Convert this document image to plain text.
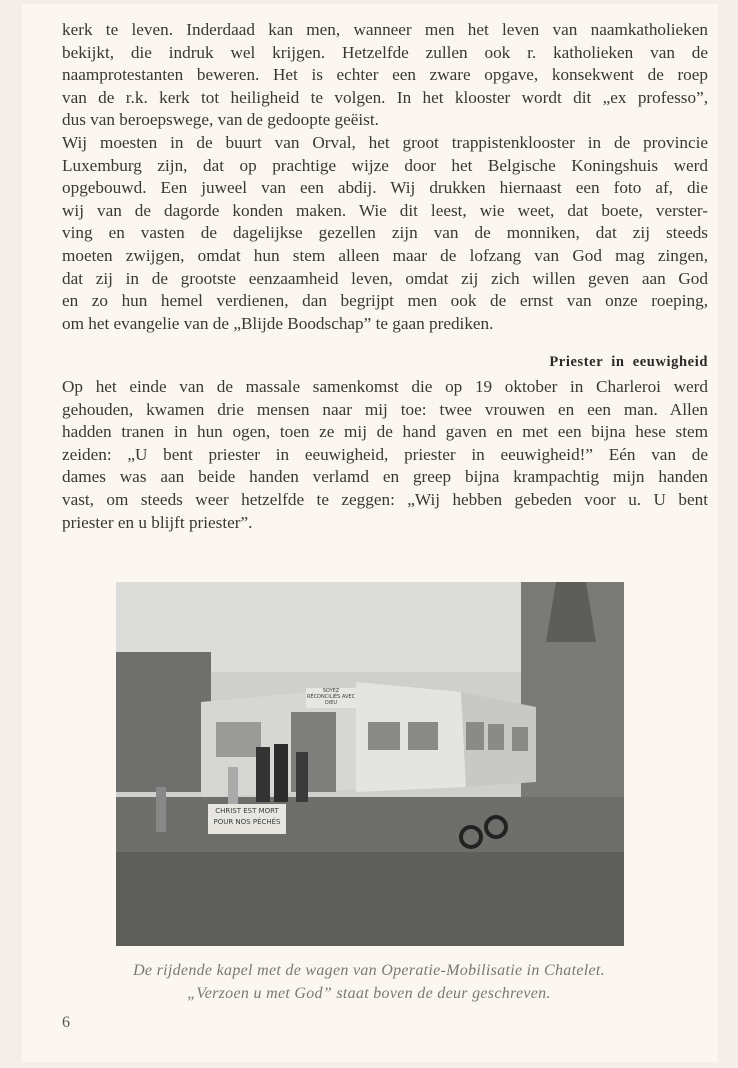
kerk te leven. Inderdaad kan men, wanneer men het leven van naamkatholieken
bekijkt, die indruk wel krijgen. Hetzelfde zullen ook r. katholieken van de
naamprotestanten beweren. Het is echter een zware opgave, konsekwent de roep
van de r.k. kerk tot heiligheid te volgen. In het klooster wordt dit „ex professo”,
dus van beroepswege, van de gedoopte geëist.
Wij moesten in de buurt van Orval, het groot trappistenklooster in de provincie
Luxemburg zijn, dat op prachtige wijze door het Belgische Koningshuis werd
opgebouwd. Een juweel van een abdij. Wij drukken hiernaast een foto af, die
wij van de dagorde konden maken. Wie dit leest, wie weet, dat boete, verster-
ving en vasten de dagelijkse gezellen zijn van de monniken, dat zij steeds
moeten zwijgen, omdat hun stem alleen maar de lofzang van God mag zingen,
dat zij in de grootste eenzaamheid leven, omdat zij zich willen geven aan God
en zo hun hemel verdienen, dan begrijpt men ook de ernst van onze roeping,
om het evangelie van de „Blijde Boodschap” te gaan prediken.
Priester in eeuwigheid
Op het einde van de massale samenkomst die op 19 oktober in Charleroi werd
gehouden, kwamen drie mensen naar mij toe: twee vrouwen en een man. Allen
hadden tranen in hun ogen, toen ze mij de hand gaven en met een bijna hese stem
zeiden: „U bent priester in eeuwigheid, priester in eeuwigheid!” Eén van de
dames was aan beide handen verlamd en greep bijna krampachtig mijn handen
vast, om steeds weer hetzelfde te zeggen: „Wij hebben gebeden voor u. U bent
priester en u blijft priester”.
SOYEZ RÉCONCILIÉS AVEC DIEU
CHRIST EST MORT POUR NOS PÉCHÉS
De rijdende kapel met de wagen van Operatie-Mobilisatie in Chatelet.
„Verzoen u met God” staat boven de deur geschreven.
6
